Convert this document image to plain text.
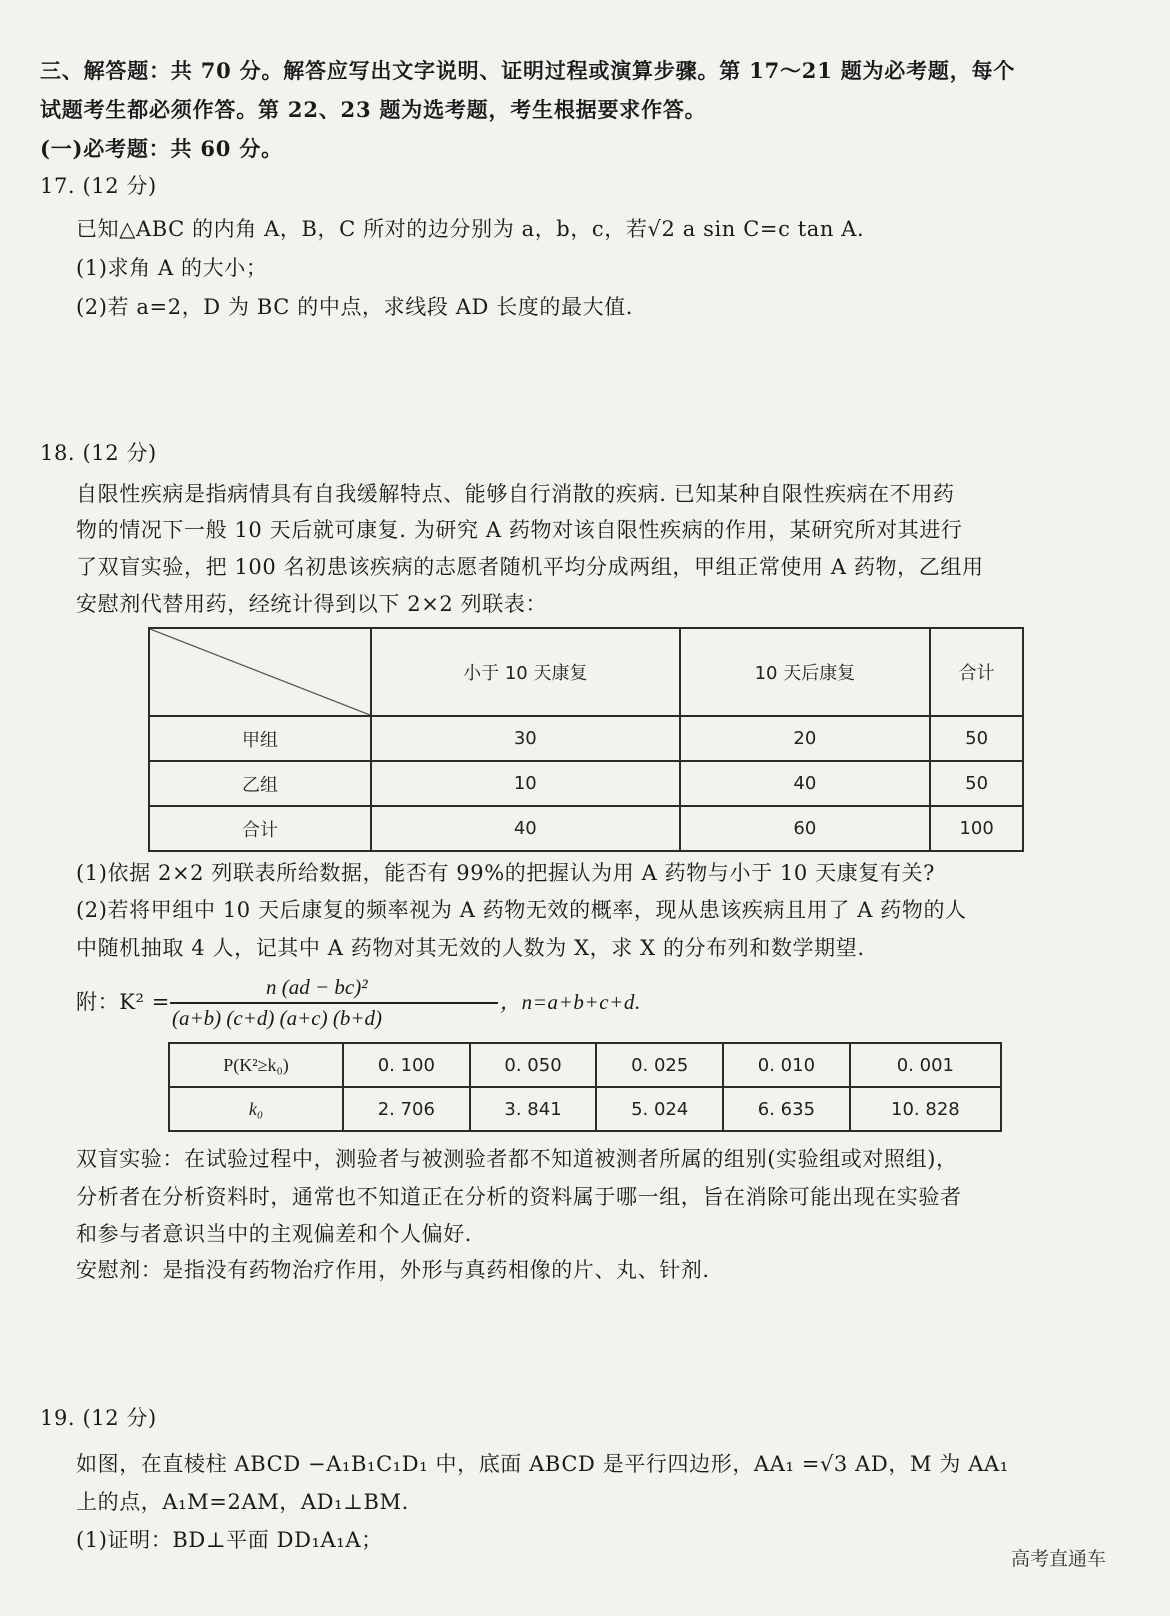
三、解答题：共 70 分。解答应写出文字说明、证明过程或演算步骤。第 17～21 题为必考题，每个
试题考生都必须作答。第 22、23 题为选考题，考生根据要求作答。
(一)必考题：共 60 分。
17. (12 分)
已知△ABC 的内角 A，B，C 所对的边分别为 a，b，c，若√2 a sin C=c tan A.
(1)求角 A 的大小；
(2)若 a=2，D 为 BC 的中点，求线段 AD 长度的最大值.
18. (12 分)
自限性疾病是指病情具有自我缓解特点、能够自行消散的疾病. 已知某种自限性疾病在不用药
物的情况下一般 10 天后就可康复. 为研究 A 药物对该自限性疾病的作用，某研究所对其进行
了双盲实验，把 100 名初患该疾病的志愿者随机平均分成两组，甲组正常使用 A 药物，乙组用
安慰剂代替用药，经统计得到以下 2×2 列联表：
	小于 10 天康复	10 天后康复	合计
甲组	30	20	50
乙组	10	40	50
合计	40	60	100
(1)依据 2×2 列联表所给数据，能否有 99%的把握认为用 A 药物与小于 10 天康复有关?
(2)若将甲组中 10 天后康复的频率视为 A 药物无效的概率，现从患该疾病且用了 A 药物的人
中随机抽取 4 人，记其中 A 药物对其无效的人数为 X，求 X 的分布列和数学期望.
附：K² =
n (ad − bc)²
(a+b) (c+d) (a+c) (b+d)
，n=a+b+c+d.
P(K²≥k₀)	0. 100	0. 050	0. 025	0. 010	0. 001
k₀	2. 706	3. 841	5. 024	6. 635	10. 828
双盲实验：在试验过程中，测验者与被测验者都不知道被测者所属的组别(实验组或对照组)，
分析者在分析资料时，通常也不知道正在分析的资料属于哪一组，旨在消除可能出现在实验者
和参与者意识当中的主观偏差和个人偏好.
安慰剂：是指没有药物治疗作用，外形与真药相像的片、丸、针剂.
19. (12 分)
如图，在直棱柱 ABCD −A₁B₁C₁D₁ 中，底面 ABCD 是平行四边形，AA₁ =√3 AD，M 为 AA₁
上的点，A₁M=2AM，AD₁⊥BM.
(1)证明：BD⊥平面 DD₁A₁A；
高考直通车
